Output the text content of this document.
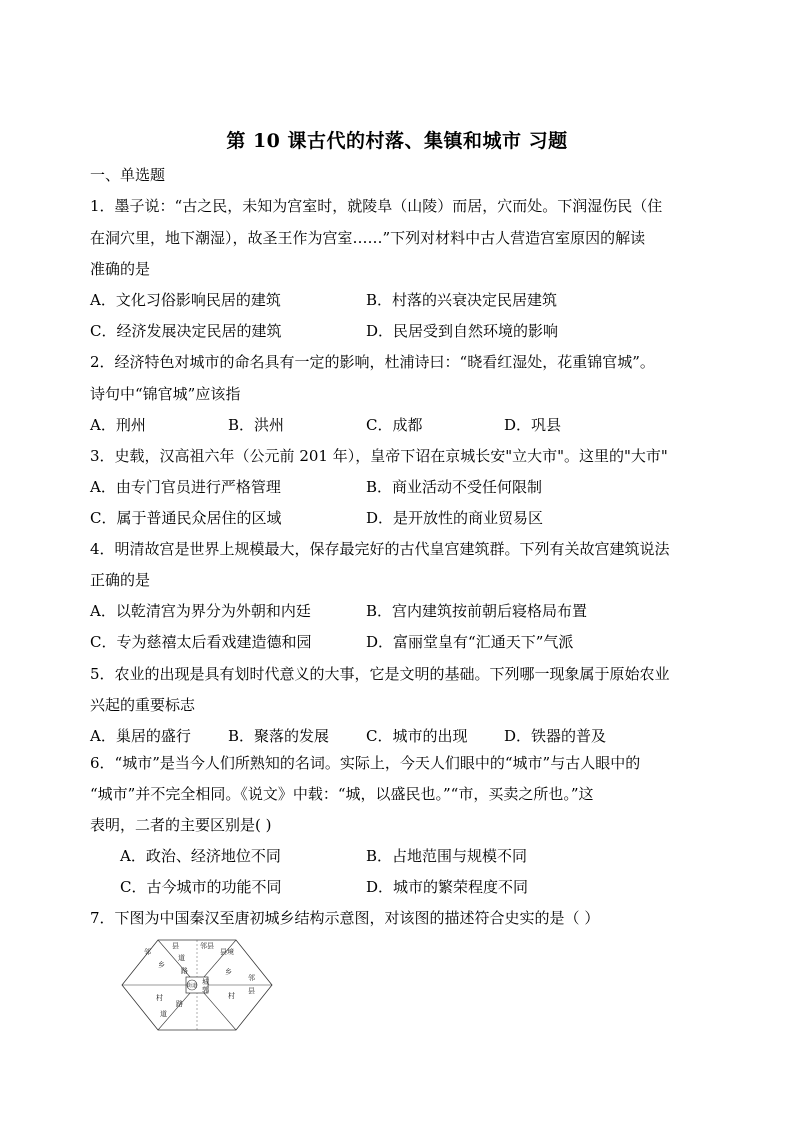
第 10 课古代的村落、集镇和城市 习题
一、单选题
1．墨子说：“古之民，未知为宫室时，就陵阜（山陵）而居，穴而处。下润湿伤民（住
在洞穴里，地下潮湿），故圣王作为宫室……”下列对材料中古人营造宫室原因的解读
准确的是
A．文化习俗影响民居的建筑	B．村落的兴衰决定民居建筑
C．经济发展决定民居的建筑	D．民居受到自然环境的影响
2．经济特色对城市的命名具有一定的影响，杜浦诗曰：“晓看红湿处，花重锦官城”。
诗句中“锦官城”应该指
A．刑州	B．洪州	C．成都	D．巩县
3．史载，汉高祖六年（公元前 201 年），皇帝下诏在京城长安"立大市"。这里的"大市"
A．由专门官员进行严格管理	B．商业活动不受任何限制
C．属于普通民众居住的区域	D．是开放性的商业贸易区
4．明清故宫是世界上规模最大，保存最完好的古代皇宫建筑群。下列有关故宫建筑说法
正确的是
A．以乾清宫为界分为外朝和内廷	B．宫内建筑按前朝后寝格局布置
C．专为慈禧太后看戏建造德和园	D．富丽堂皇有“汇通天下”气派
5．农业的出现是具有划时代意义的大事，它是文明的基础。下列哪一现象属于原始农业
兴起的重要标志
A．巢居的盛行 B．聚落的发展 C．城市的出现 D．铁器的普及
6．“城市”是当今人们所熟知的名词。实际上，今天人们眼中的“城市”与古人眼中的
“城市”并不完全相同。《说文》中载：“城，以盛民也。”“市，买卖之所也。”这
表明，二者的主要区别是( )
A．政治、经济地位不同	B．占地范围与规模不同
C．古今城市的功能不同	D．城市的繁荣程度不同
7．下图为中国秦汉至唐初城乡结构示意图，对该图的描述符合史实的是（ ）
邻
县	邻县
县境
道
乡
路
城
郭
邻
县
乡
村
街道
村
道
路
